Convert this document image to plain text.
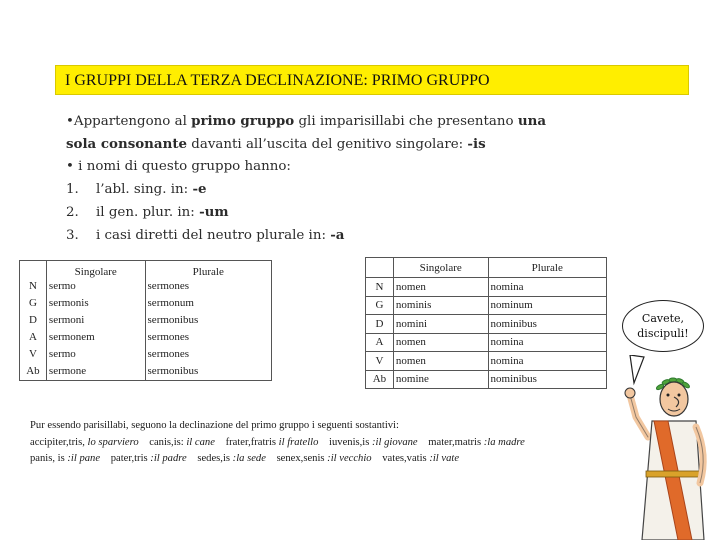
I GRUPPI DELLA TERZA DECLINAZIONE: PRIMO GRUPPO

•Appartengono al primo gruppo gli imparisillabi che presentano una

sola consonante davanti all’uscita del genitivo singolare: -is

• i nomi di questo gruppo hanno:

1. l’abl. sing. in: -e

2. il gen. plur. in: -um

3. i casi diretti del neutro plurale in: -a

	Singolare	Plurale
N	sermo	sermones
G	sermonis	sermonum
D	sermoni	sermonibus
A	sermonem	sermones
V	sermo	sermones
Ab	sermone	sermonibus
	Singolare	Plurale
N	nomen	nomina
G	nominis	nominum
D	nomini	nominibus
A	nomen	nomina
V	nomen	nomina
Ab	nomine	nominibus

Pur essendo parisillabi, seguono la declinazione del primo gruppo i seguenti sostantivi:

accipiter,tris, lo sparviero canis,is: il cane frater,fratris il fratello iuvenis,is :il giovane mater,matris :la madre

panis, is :il pane pater,tris :il padre sedes,is :la sede senex,senis :il vecchio vates,vatis :il vate

Cavete,
discipuli!
